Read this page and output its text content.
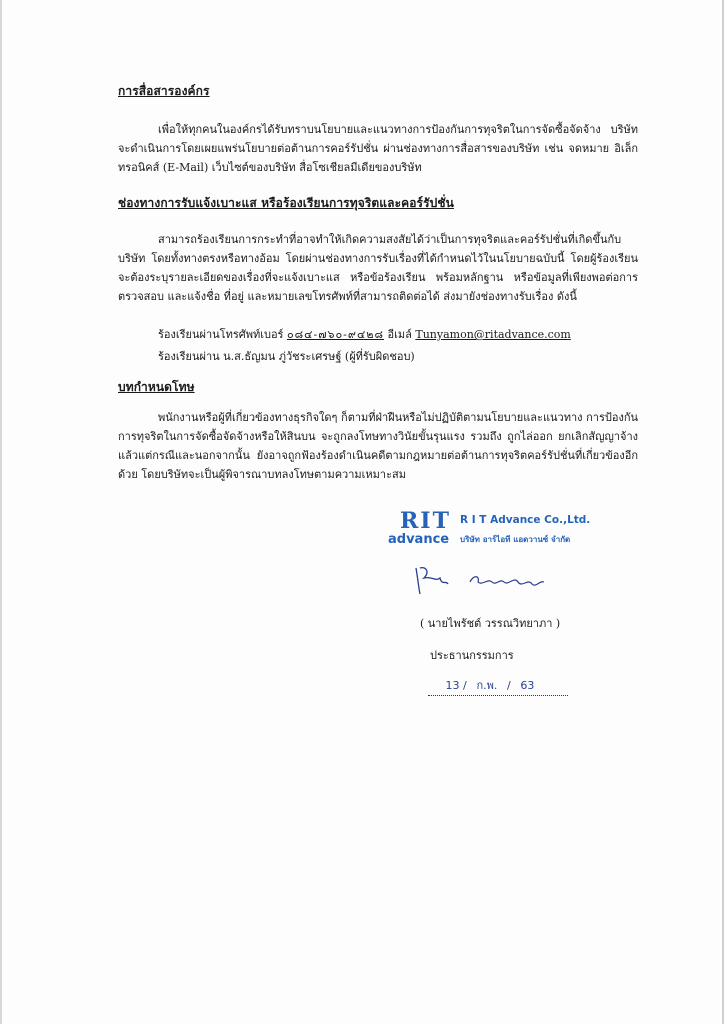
การสื่อสารองค์กร
เพื่อให้ทุกคนในองค์กรได้รับทราบนโยบายและแนวทางการป้องกันการทุจริตในการจัดซื้อจัดจ้าง บริษัทจะดำเนินการโดยเผยแพร่นโยบายต่อต้านการคอร์รัปชั่น ผ่านช่องทางการสื่อสารของบริษัท เช่น จดหมาย อิเล็กทรอนิคส์ (E-Mail) เว็บไซต์ของบริษัท สื่อโซเชียลมีเดียของบริษัท
ช่องทางการรับแจ้งเบาะแส หรือร้องเรียนการทุจริตและคอร์รัปชั่น
สามารถร้องเรียนการกระทำที่อาจทำให้เกิดความสงสัยได้ว่าเป็นการทุจริตและคอร์รัปชั่นที่เกิดขึ้นกับ บริษัท โดยทั้งทางตรงหรือทางอ้อม โดยผ่านช่องทางการรับเรื่องที่ได้กำหนดไว้ในนโยบายฉบับนี้ โดยผู้ร้องเรียนจะต้องระบุรายละเอียดของเรื่องที่จะแจ้งเบาะแส หรือข้อร้องเรียน พร้อมหลักฐาน หรือข้อมูลที่เพียงพอต่อการตรวจสอบ และแจ้งชื่อ ที่อยู่ และหมายเลขโทรศัพท์ที่สามารถติดต่อได้ ส่งมายังช่องทางรับเรื่อง ดังนี้
ร้องเรียนผ่านโทรศัพท์เบอร์ ๐๘๔-๗๖๐-๙๔๒๘ อีเมล์ Tunyamon@ritadvance.com
ร้องเรียนผ่าน น.ส.ธัญมน ภู่วัชระเศรษฐ์ (ผู้ที่รับผิดชอบ)
บทกำหนดโทษ
พนักงานหรือผู้ที่เกี่ยวข้องทางธุรกิจใดๆ ก็ตามที่ฝ่าฝืนหรือไม่ปฏิบัติตามนโยบายและแนวทาง การป้องกันการทุจริตในการจัดซื้อจัดจ้างหรือให้สินบน จะถูกลงโทษทางวินัยขั้นรุนแรง รวมถึง ถูกไล่ออก ยกเลิกสัญญาจ้าง แล้วแต่กรณีและนอกจากนั้น ยังอาจถูกฟ้องร้องดำเนินคดีตามกฎหมายต่อต้านการทุจริตคอร์รัปชั่นที่เกี่ยวข้องอีกด้วย โดยบริษัทจะเป็นผู้พิจารณาบทลงโทษตามความเหมาะสม
RIT
advance
R I T Advance Co.,Ltd.
บริษัท อาร์ไอที แอดวานซ์ จำกัด
( นายไพรัชต์ วรรณวิทยาภา )
ประธานกรรมการ
13 / ก.พ. / 63
